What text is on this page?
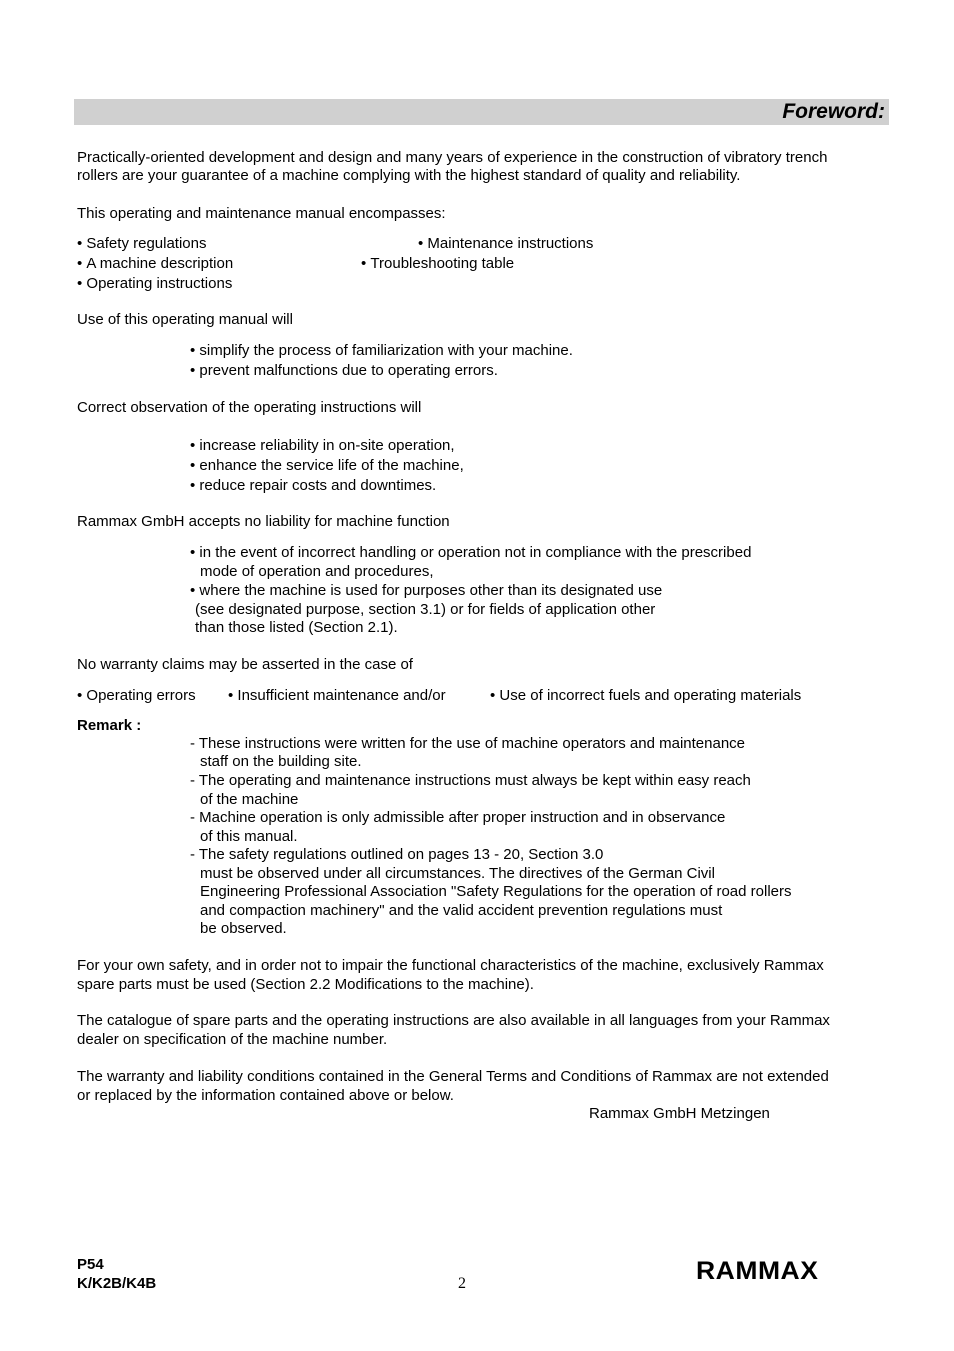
Foreword:
Practically-oriented development and design and many years of experience in the construction of vibratory trench
rollers are your guarantee of a machine complying with the highest standard of quality and reliability.
This operating and maintenance manual encompasses:
• Safety regulations	• Maintenance instructions
• A machine description	• Troubleshooting table
• Operating instructions
Use of this operating manual will
• simplify the process of familiarization with your machine.
• prevent malfunctions due to operating errors.
Correct observation of the operating instructions will
• increase reliability in on-site operation,
• enhance the service life of the machine,
• reduce repair costs and downtimes.
Rammax GmbH accepts no liability for machine function
• in the event of incorrect handling or operation not in compliance with the prescribed
mode of operation and procedures,
• where the machine is used for purposes other than its designated use
(see designated purpose, section 3.1) or for fields of application other
than those listed (Section 2.1).
No warranty claims may be asserted in the case of
• Operating errors	• Insufficient maintenance and/or	• Use of incorrect fuels and operating materials
Remark :
- These instructions were written for the use of machine operators and maintenance
staff on the building site.
- The operating and maintenance instructions must always be kept within easy reach
of the machine
- Machine operation is only admissible after proper instruction and in observance
of this manual.
- The safety regulations outlined on pages 13 - 20, Section 3.0
must be observed under all circumstances. The directives of the German Civil
Engineering Professional Association "Safety Regulations for the operation of road rollers
and compaction machinery" and the valid accident prevention regulations must
be observed.
For your own safety, and in order not to impair the functional characteristics of the machine, exclusively Rammax
spare parts must be used (Section 2.2 Modifications to the machine).
The catalogue of spare parts and the operating instructions are also available in all languages from your Rammax
dealer on specification of the machine number.
The warranty and liability conditions contained in the General Terms and Conditions of Rammax are not extended
or replaced by the information contained above or below.
Rammax GmbH Metzingen
P54
K/K2B/K4B	2	RAMMAX
